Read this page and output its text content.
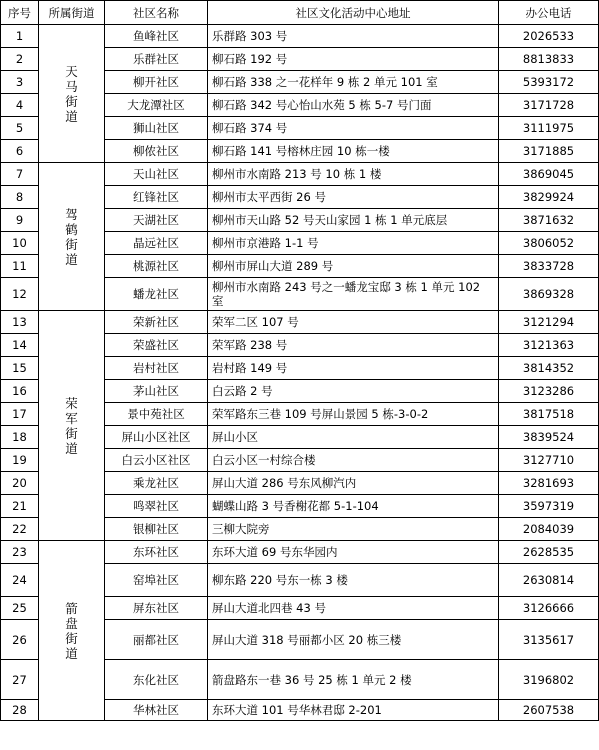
序号	所属街道	社区名称	社区文化活动中心地址	办公电话
1	天马街道	鱼峰社区	乐群路 303 号	2026533
2		乐群社区	柳石路 192 号	8813833
3		柳开社区	柳石路 338 之一花样年 9 栋 2 单元 101 室	5393172
4		大龙潭社区	柳石路 342 号心怡山水苑 5 栋 5-7 号门面	3171728
5		狮山社区	柳石路 374 号	3111975
6		柳侬社区	柳石路 141 号榕林庄园 10 栋一楼	3171885
7	驾鹤街道	天山社区	柳州市水南路 213 号 10 栋 1 楼	3869045
8		红锋社区	柳州市太平西街 26 号	3829924
9		天湖社区	柳州市天山路 52 号天山家园 1 栋 1 单元底层	3871632
10		晶远社区	柳州市京港路 1-1 号	3806052
11		桃源社区	柳州市屏山大道 289 号	3833728
12		蟠龙社区	柳州市水南路 243 号之一蟠龙宝邸 3 栋 1 单元 102 室	3869328
13	荣军街道	荣新社区	荣军二区 107 号	3121294
14		荣盛社区	荣军路 238 号	3121363
15		岩村社区	岩村路 149 号	3814352
16		茅山社区	白云路 2 号	3123286
17		景中苑社区	荣军路东三巷 109 号屏山景园 5 栋-3-0-2	3817518
18		屏山小区社区	屏山小区	3839524
19		白云小区社区	白云小区一村综合楼	3127710
20		乘龙社区	屏山大道 286 号东风柳汽内	3281693
21		鸣翠社区	蝴蝶山路 3 号香榭花都 5-1-104	3597319
22		银柳社区	三柳大院旁	2084039
23	箭盘街道	东环社区	东环大道 69 号东华园内	2628535
24		窑埠社区	柳东路 220 号东一栋 3 楼	2630814
25		屏东社区	屏山大道北四巷 43 号	3126666
26		丽都社区	屏山大道 318 号丽都小区 20 栋三楼	3135617
27		东化社区	箭盘路东一巷 36 号 25 栋 1 单元 2 楼	3196802
28		华林社区	东环大道 101 号华林君邸 2-201	2607538
